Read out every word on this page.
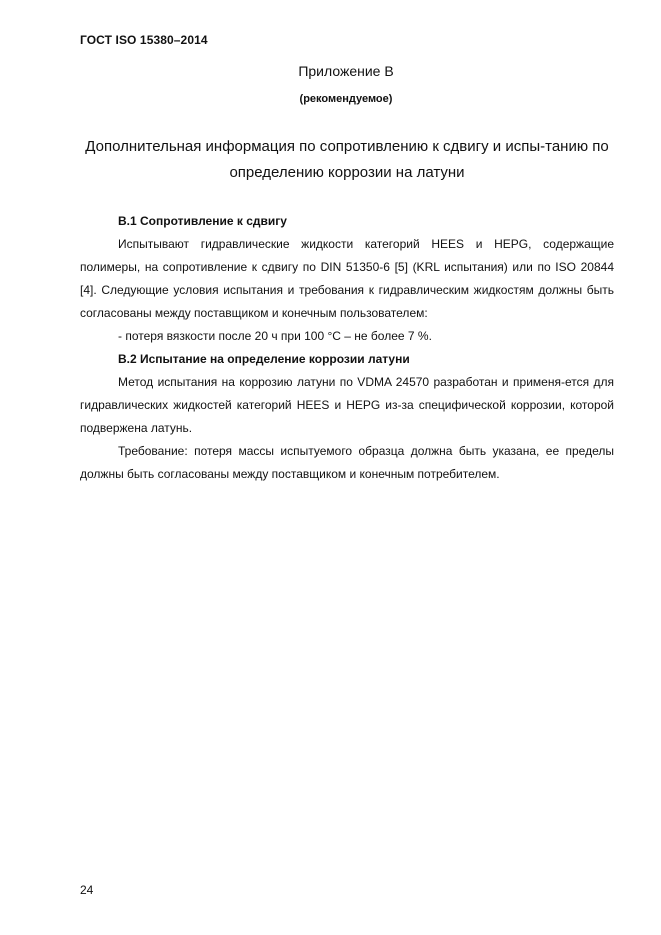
ГОСТ ISO 15380–2014
Приложение В
(рекомендуемое)
Дополнительная информация по сопротивлению к сдвигу и испы-танию по определению коррозии на латуни

В.1 Сопротивление к сдвигу

Испытывают гидравлические жидкости категорий HEES и HEPG, содержащие полимеры, на сопротивление к сдвигу по DIN 51350-6 [5] (KRL испытания) или по ISO 20844 [4]. Следующие условия испытания и требования к гидравлическим жидкостям должны быть согласованы между поставщиком и конечным пользователем:

- потеря вязкости после 20 ч при 100 °С – не более 7 %.

В.2 Испытание на определение коррозии латуни

Метод испытания на коррозию латуни по VDMA 24570 разработан и применя-ется для гидравлических жидкостей категорий HEES и HEPG из-за специфической коррозии, которой подвержена латунь.

Требование: потеря массы испытуемого образца должна быть указана, ее пределы должны быть согласованы между поставщиком и конечным потребителем.

24
